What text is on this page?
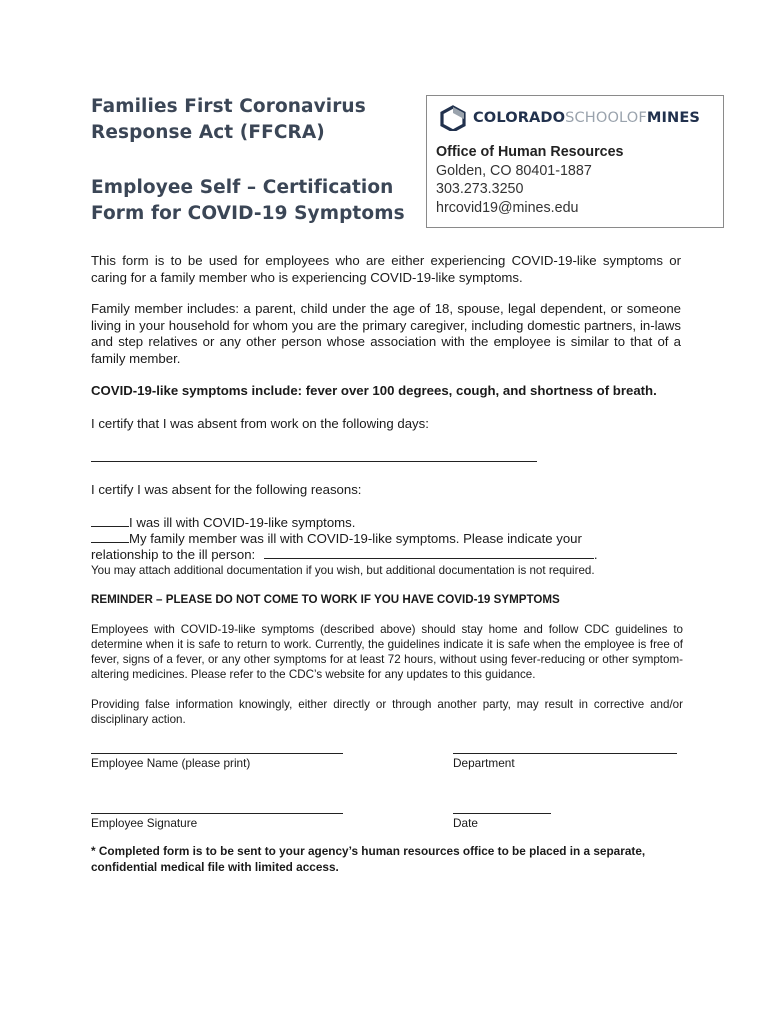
Families First Coronavirus
Response Act (FFCRA)
Employee Self – Certification
Form for COVID-19 Symptoms
COLORADOSCHOOLOFMINES
Office of Human Resources
Golden, CO 80401-1887
303.273.3250
hrcovid19@mines.edu
This form is to be used for employees who are either experiencing COVID-19-like symptoms or caring for a family member who is experiencing COVID-19-like symptoms.
Family member includes: a parent, child under the age of 18, spouse, legal dependent, or someone living in your household for whom you are the primary caregiver, including domestic partners, in-laws and step relatives or any other person whose association with the employee is similar to that of a family member.
COVID-19-like symptoms include: fever over 100 degrees, cough, and shortness of breath.
I certify that I was absent from work on the following days:
I certify I was absent for the following reasons:
I was ill with COVID-19-like symptoms.
My family member was ill with COVID-19-like symptoms. Please indicate your
relationship to the ill person:	.
You may attach additional documentation if you wish, but additional documentation is not required.
REMINDER – PLEASE DO NOT COME TO WORK IF YOU HAVE COVID-19 SYMPTOMS
Employees with COVID-19-like symptoms (described above) should stay home and follow CDC guidelines to determine when it is safe to return to work. Currently, the guidelines indicate it is safe when the employee is free of fever, signs of a fever, or any other symptoms for at least 72 hours, without using fever-reducing or other symptom-altering medicines. Please refer to the CDC’s website for any updates to this guidance.
Providing false information knowingly, either directly or through another party, may result in corrective and/or disciplinary action.
Employee Name (please print)	Department
Employee Signature	Date
* Completed form is to be sent to your agency’s human resources office to be placed in a separate, confidential medical file with limited access.
